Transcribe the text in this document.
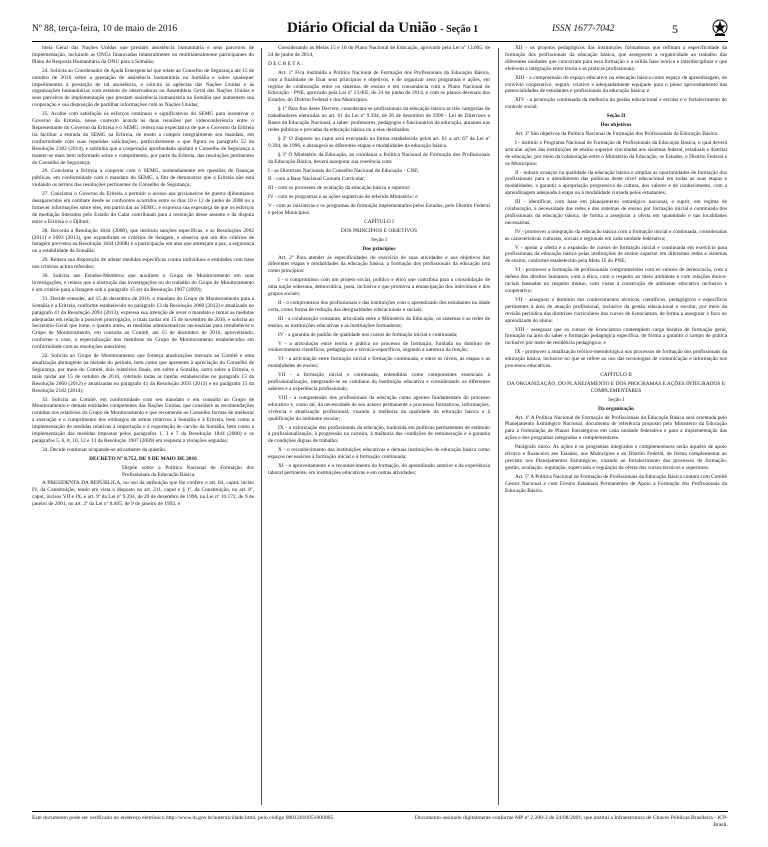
Nº 88, terça-feira, 10 de maio de 2016	Diário Oficial da União - Seção 1	ISSN 1677-7042	5

bleia Geral das Nações Unidas que prestam assistência humanitária e seus parceiros de implementação, incluindo as ONGs financiadas bilateralmente ou multilateralmente participantes do Plano de Resposta Humanitária da ONU para a Somália;

24. Solicita ao Coordenador de Ajuda Emergencial que relate ao Conselho de Segurança até 15 de outubro de 2016 sobre a prestação de assistência humanitária na Somália e sobre quaisquer impedimentos à prestação de tal assistência, e solicita às agências das Nações Unidas e às organizações humanitárias com estatuto de observadoras na Assembleia Geral das Nações Unidas e seus parceiros de implementação que prestam assistência humanitária na Somália que aumentem sua cooperação e sua disposição de partilhar informações com as Nações Unidas;

25. Acolhe com satisfação os esforços contínuos e significativos do SEMG para incentivar o Governo da Eritreia, nesse contexto acorda as duas reuniões por videoconferência entre o Representante do Governo da Eritreia e o SEMG, reitera sua expectativa de que o Governo da Eritreia irá facilitar a entrada do SEMG na Eritreia, de modo a cumprir integralmente seu mandato, em conformidade com suas repetidas solicitações, particularmente a que figura no parágrafo 52 da Resolução 2182 (2014), e sublinha que a cooperação aprofundada ajudará o Conselho de Segurança a manter-se mais bem informado sobre o cumprimento, por parte da Eritreia, das resoluções pertinentes do Conselho de Segurança;

26. Conclama a Eritreia a cooperar com o SEMG, nomeadamente em questões de finanças públicas, em conformidade com o mandato do SEMG, a fim de demonstrar que a Eritreia não está violando os termos das resoluções pertinentes do Conselho de Segurança;

27. Conclama o Governo da Eritreia a permitir o acesso aos prisioneiros de guerra djiboutianos desaparecidos em combate desde os confrontos ocorridos entre os dias 10 e 12 de junho de 2008 ou a fornecer informações sobre eles, em particular ao SEMG, e expressa sua esperança de que os esforços de mediação liderados pelo Estado do Catar contribuam para a resolução desse assunto e da disputa entre a Eritreia e o Djibuti;

28. Recorda a Resolução 1844 (2008), que instituiu sanções específicas, e as Resoluções 2002 (2011) e 2093 (2013), que expandiram os critérios de listagem, e observa que um dos critérios de listagem previstos na Resolução 1844 (2008) é a participação em atos que ameaçam a paz, a segurança ou a estabilidade da Somália;

29. Reitera sua disposição de adotar medidas específicas contra indivíduos e entidades com base nos critérios acima referidos;

30. Solicita aos Estados-Membros que auxiliem o Grupo de Monitoramento em suas investigações, e reitera que a obstrução das investigações ou do trabalho do Grupo de Monitoramento é um critério para a listagem sob o parágrafo 15 (e) da Resolução 1907 (2009);

31. Decide estender, até 15 de dezembro de 2016, o mandato do Grupo de Monitoramento para a Somália e a Eritreia, conforme estabelecido no parágrafo 13 da Resolução 2060 (2012) e atualizado no parágrafo 41 da Resolução 2093 (2013), expressa sua intenção de rever o mandato e tomar as medidas adequadas em relação a possível prorrogação, o mais tardar em 15 de novembro de 2016, e solicita ao Secretário-Geral que tome, o quanto antes, as medidas administrativas necessárias para restabelecer o Grupo de Monitoramento, em consulta ao Comitê, até 15 de dezembro de 2016, aproveitando, conforme o caso, a especialização dos membros do Grupo de Monitoramento estabelecidos em conformidade com as resoluções anteriores;

32. Solicita ao Grupo de Monitoramento que forneça atualizações mensais ao Comitê e uma atualização abrangente na metade do período, bem como que apresente à apreciação do Conselho de Segurança, por meio do Comitê, dois relatórios finais, um sobre a Somália, outro sobre a Eritreia, o mais tardar até 15 de outubro de 2016, cobrindo todas as tarefas estabelecidas no parágrafo 13 da Resolução 2060 (2012) e atualizadas no parágrafo 41 da Resolução 2093 (2013) e no parágrafo 15 da Resolução 2182 (2014);

33. Solicita ao Comitê, em conformidade com seu mandato e em consulta ao Grupo de Monitoramento e demais entidades competentes das Nações Unidas, que considere as recomendações contidas nos relatórios do Grupo de Monitoramento e que recomende ao Conselho formas de melhorar a execução e o cumprimento dos embargos de armas relativos à Somália e à Eritreia, bem como a implementação de medidas relativas à importação e à exportação de carvão da Somália, bem como a implementação das medidas impostas pelos parágrafos 1, 3 e 7 da Resolução 1844 (2008) e os parágrafos 5, 6, 8, 10, 12 e 13 da Resolução 1907 (2009) em resposta a violações seguidas;

34. Decide continuar ocupando-se ativamente da questão.

DECRETO Nº 8.752, DE 9 DE MAIO DE 2016

Dispõe sobre a Política Nacional de Formação dos Profissionais da Educação Básica.

A PRESIDENTA DA REPÚBLICA, no uso da atribuição que lhe confere o art. 84, caput, inciso IV, da Constituição, tendo em vista o disposto no art. 211, caput e § 1º, da Constituição, no art. 8º, caput, incisos VII e IX, e art. 9º da Lei nº 9.394, de 20 de dezembro de 1996, na Lei nº 10.172, de 9 de janeiro de 2001, no art. 2º da Lei nº 8.405, de 9 de janeiro de 1992, e

Considerando as Metas 15 e 16 do Plano Nacional de Educação, aprovado pela Lei nº 13.005, de 24 de junho de 2014,

D E C R E T A :

Art. 1º Fica instituída a Política Nacional de Formação dos Profissionais da Educação Básica, com a finalidade de fixar seus princípios e objetivos, e de organizar seus programas e ações, em regime de colaboração entre os sistemas de ensino e em consonância com o Plano Nacional de Educação - PNE, aprovado pela Lei nº 13.005, de 24 de junho de 2014, e com os planos decenais dos Estados, do Distrito Federal e dos Municípios.

§ 1º Para fins deste Decreto, consideram-se profissionais da educação básica as três categorias de trabalhadores elencadas no art. 61 da Lei nº 9.394, de 20 de dezembro de 1996 - Lei de Diretrizes e Bases da Educação Nacional, a saber: professores, pedagogos e funcionários da educação, atuantes nas redes públicas e privadas da educação básica ou a elas destinados.

§ 2º O disposto no caput será executado na forma estabelecida pelos art. 61 a art. 67 da Lei nº 9.394, de 1996, e abrangerá as diferentes etapas e modalidades da educação básica.

§ 3º O Ministério da Educação, ao coordenar a Política Nacional de Formação dos Profissionais da Educação Básica, deverá assegurar sua coerência com:

I - as Diretrizes Nacionais do Conselho Nacional de Educação - CNE;

II - com a Base Nacional Comum Curricular;

III - com os processos de avaliação da educação básica e superior;

IV - com os programas e as ações supletivas do referido Ministério; e

V - com as iniciativas e os programas de formação implementados pelos Estados, pelo Distrito Federal e pelos Municípios.

CAPÍTULO I

DOS PRINCÍPIOS E OBJETIVOS

Seção I

Dos princípios

Art. 2º Para atender às especificidades do exercício de suas atividades e aos objetivos das diferentes etapas e modalidades da educação básica, a formação dos profissionais da educação terá como princípios:

I - o compromisso com um projeto social, político e ético que contribua para a consolidação de uma nação soberana, democrática, justa, inclusiva e que promova a emancipação dos indivíduos e dos grupos sociais;

II - o compromisso dos profissionais e das instituições com o aprendizado dos estudantes na idade certa, como forma de redução das desigualdades educacionais e sociais;

III - a colaboração constante, articulada entre o Ministério da Educação, os sistemas e as redes de ensino, as instituições educativas e as instituições formadoras;

IV - a garantia de padrão de qualidade nos cursos de formação inicial e continuada;

V - a articulação entre teoria e prática no processo de formação, fundada no domínio de conhecimentos científicos, pedagógicos e técnico-específicos, segundo a natureza da função;

VI - a articulação entre formação inicial e formação continuada, e entre os níveis, as etapas e as modalidades de ensino;

VII - a formação inicial e continuada, entendidas como componentes essenciais à profissionalização, integrando-se ao cotidiano da instituição educativa e considerando os diferentes saberes e a experiência profissionais;

VIII - a compreensão dos profissionais da educação como agentes fundamentais do processo educativo e, como tal, da necessidade de seu acesso permanente a processos formativos, informações, vivência e atualização profissional, visando à melhoria da qualidade da educação básica e à qualificação do ambiente escolar;

IX - a valorização dos profissionais da educação, traduzida em políticas permanentes de estímulo à profissionalização, à progressão na carreira, à melhoria das condições de remuneração e à garantia de condições dignas de trabalho;

X - o reconhecimento das instituições educativas e demais instituições de educação básica como espaços necessários à formação inicial e à formação continuada;

XI - o aproveitamento e o reconhecimento da formação, do aprendizado anterior e da experiência laboral pertinente, em instituições educativas e em outras atividades;

XII - os projetos pedagógicos das instituições formadoras que reflitam a especificidade da formação dos profissionais da educação básica, que assegurem a organicidade ao trabalho das diferentes unidades que concorram para essa formação e a sólida base teórica e interdisciplinar e que efetivem a integração entre teoria e as práticas profissionais;

XIII - a compreensão do espaço educativo na educação básica como espaço de aprendizagem, de convívio cooperativo, seguro, criativo e adequadamente equipado para o pleno aproveitamento das potencialidades de estudantes e profissionais da educação básica; e

XIV - a promoção continuada da melhoria da gestão educacional e escolar e o fortalecimento do controle social.

Seção II

Dos objetivos

Art. 3º São objetivos da Política Nacional de Formação dos Profissionais da Educação Básica:

I - instituir o Programa Nacional de Formação de Profissionais da Educação Básica, o qual deverá articular ações das instituições de ensino superior vinculadas aos sistemas federal, estaduais e distrital de educação, por meio da colaboração entre o Ministério da Educação, os Estados, o Distrito Federal e os Municípios;

II - induzir avanços na qualidade da educação básica e ampliar as oportunidades de formação dos profissionais para o atendimento das políticas deste nível educacional em todas as suas etapas e modalidades, e garantir a apropriação progressiva da cultura, dos valores e do conhecimento, com a aprendizagem adequada à etapa ou à modalidade cursada pelos estudantes;

III - identificar, com base em planejamento estratégico nacional, e suprir, em regime de colaboração, a necessidade das redes e dos sistemas de ensino por formação inicial e continuada dos profissionais da educação básica, de forma a assegurar a oferta em quantidade e nas localidades necessárias;

IV - promover a integração da educação básica com a formação inicial e continuada, consideradas as características culturais, sociais e regionais em cada unidade federativa;

V - apoiar a oferta e a expansão de cursos de formação inicial e continuada em exercício para profissionais da educação básica pelas instituições de ensino superior em diferentes redes e sistemas de ensino, conforme estabelecido pela Meta 15 do PNE;

VI - promover a formação de profissionais comprometidos com os valores de democracia, com a defesa dos direitos humanos, com a ética, com o respeito ao meio ambiente e com relações étnico-raciais baseadas no respeito mútuo, com vistas à construção de ambiente educativo inclusivo e cooperativo;

VII - assegurar o domínio dos conhecimentos técnicos, científicos, pedagógicos e específicos pertinentes à área de atuação profissional, inclusive da gestão educacional e escolar, por meio da revisão periódica das diretrizes curriculares dos cursos de licenciatura, de forma a assegurar o foco no aprendizado do aluno;

VIII - assegurar que os cursos de licenciatura contemplem carga horária de formação geral, formação na área do saber e formação pedagógica específica, de forma a garantir o campo de prática inclusive por meio de residência pedagógica; e

IX - promover a atualização teórico-metodológica nos processos de formação dos profissionais da educação básica, inclusive no que se refere ao uso das tecnologias de comunicação e informação nos processos educativos.

CAPÍTULO II

DA ORGANIZAÇÃO, DO PLANEJAMENTO E DOS PROGRAMAS E AÇÕES INTEGRADOS E COMPLEMENTARES

Seção I

Da organização

Art. 4º A Política Nacional de Formação de Profissionais da Educação Básica será orientada pelo Planejamento Estratégico Nacional, documento de referência proposto pelo Ministério da Educação para a formulação de Planos Estratégicos em cada unidade federativa e para a implementação das ações e dos programas integrados e complementares.

Parágrafo único. As ações e os programas integrados e complementares serão aqueles de apoio técnico e financeiro aos Estados, aos Municípios e ao Distrito Federal, de forma complementar ao previsto nos Planejamentos Estratégicos, visando ao fortalecimento dos processos de formação, gestão, avaliação, regulação, supervisão e regulação da oferta dos cursos técnicos e superiores.

Art. 5º A Política Nacional de Formação de Profissionais da Educação Básica contará com Comitê Gestor Nacional e com Fóruns Estaduais Permanentes de Apoio à Formação dos Profissionais da Educação Básica.

Este documento pode ser verificado no endereço eletrônico http://www.in.gov.br/autenticidade.html, pelo código 00012016051000005	Documento assinado digitalmente conforme MP nº 2.200-2 de 24/08/2001, que institui a Infraestrutura de Chaves Públicas Brasileira - ICP-Brasil.
